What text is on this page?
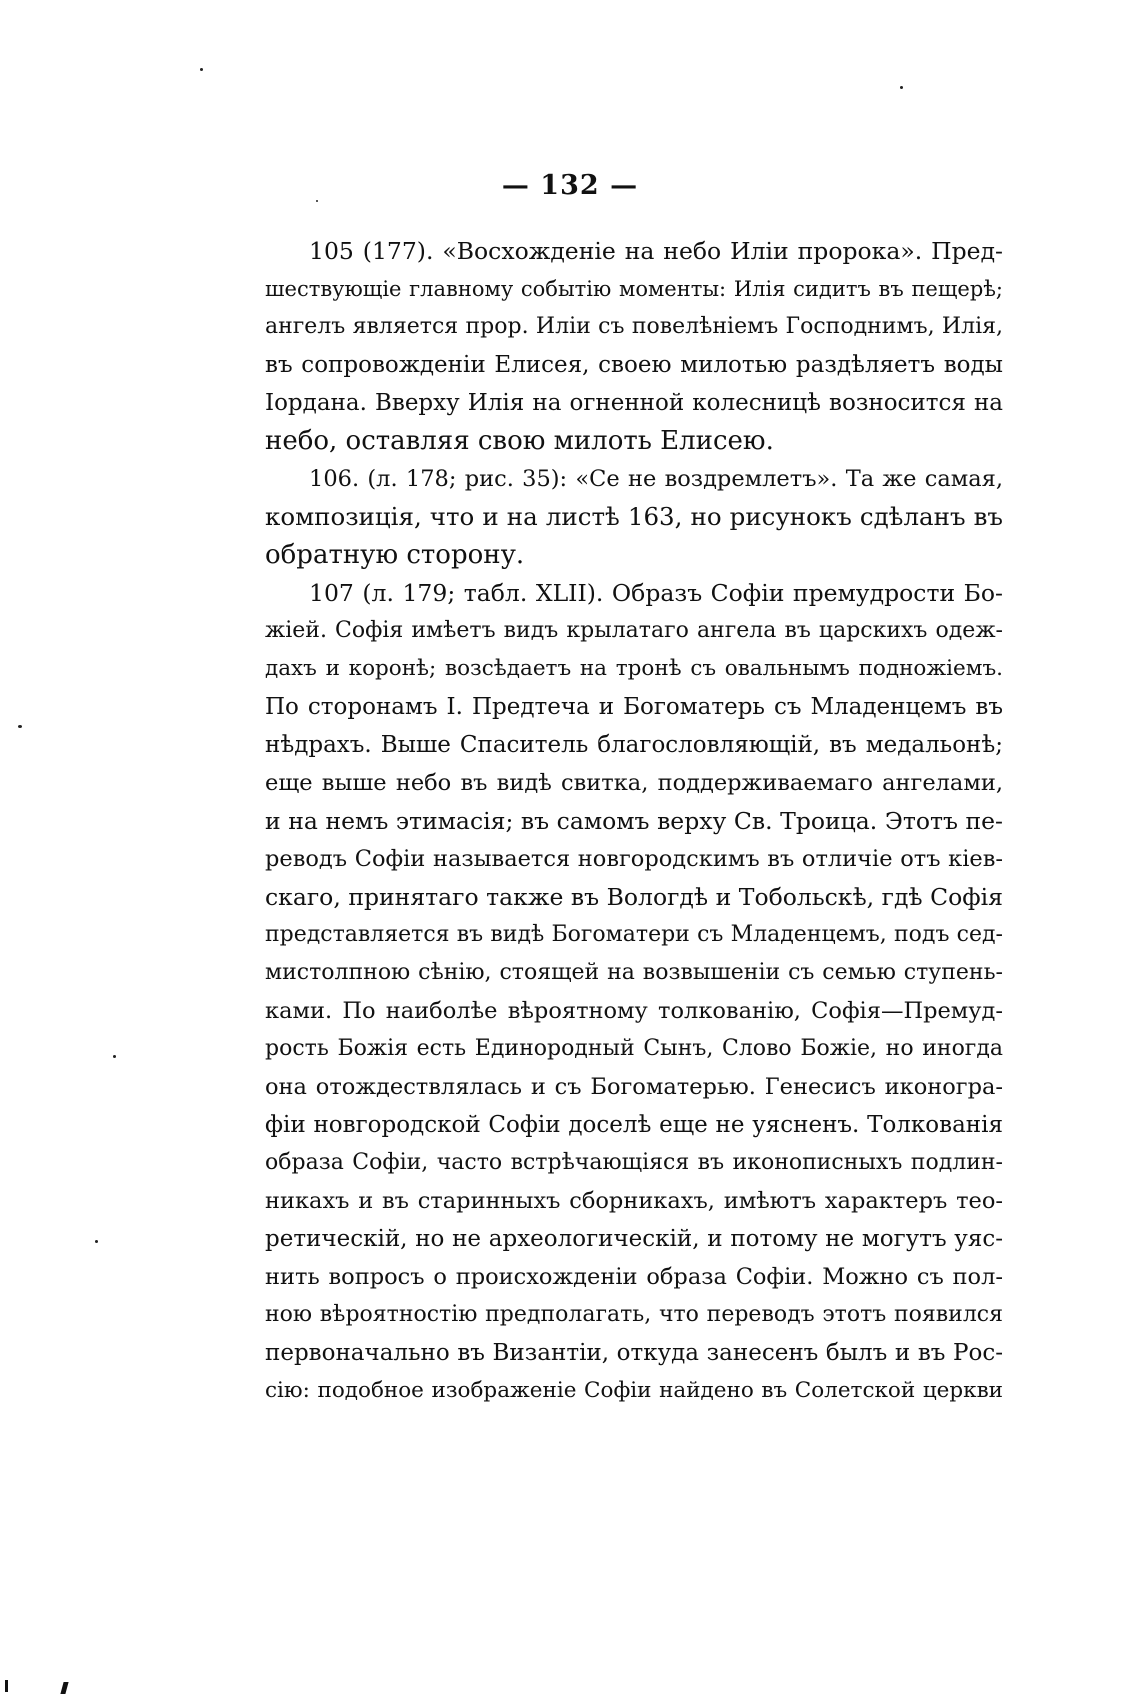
— 132 —
105 (177). «Восхожденіе на небо Иліи пророка». Пред-
шествующіе главному событію моменты: Илія сидитъ въ пещерѣ;
ангелъ является прор. Иліи съ повелѣніемъ Господнимъ, Илія,
въ сопровожденіи Елисея, своею милотью раздѣляетъ воды
Іордана. Вверху Илія на огненной колесницѣ возносится на
небо, оставляя свою милоть Елисею.
106. (л. 178; рис. 35): «Се не воздремлетъ». Та же самая,
композиція, что и на листѣ 163, но рисунокъ сдѣланъ въ
обратную сторону.
107 (л. 179; табл. XLII). Образъ Софіи премудрости Бо-
жіей. Софія имѣетъ видъ крылатаго ангела въ царскихъ одеж-
дахъ и коронѣ; возсѣдаетъ на тронѣ съ овальнымъ подножіемъ.
По сторонамъ І. Предтеча и Богоматерь съ Младенцемъ въ
нѣдрахъ. Выше Спаситель благословляющій, въ медальонѣ;
еще выше небо въ видѣ свитка, поддерживаемаго ангелами,
и на немъ этимасія; въ самомъ верху Св. Троица. Этотъ пе-
реводъ Софіи называется новгородскимъ въ отличіе отъ кіев-
скаго, принятаго также въ Вологдѣ и Тобольскѣ, гдѣ Софія
представляется въ видѣ Богоматери съ Младенцемъ, подъ сед-
мистолпною сѣнію, стоящей на возвышеніи съ семью ступень-
ками. По наиболѣе вѣроятному толкованію, Софія—Премуд-
рость Божія есть Единородный Сынъ, Слово Божіе, но иногда
она отождествлялась и съ Богоматерью. Генесисъ иконогра-
фіи новгородской Софіи доселѣ еще не уясненъ. Толкованія
образа Софіи, часто встрѣчающіяся въ иконописныхъ подлин-
никахъ и въ старинныхъ сборникахъ, имѣютъ характеръ тео-
ретическій, но не археологическій, и потому не могутъ уяс-
нить вопросъ о происхожденіи образа Софіи. Можно съ пол-
ною вѣроятностію предполагать, что переводъ этотъ появился
первоначально въ Византіи, откуда занесенъ былъ и въ Рос-
сію: подобное изображеніе Софіи найдено въ Солетской церкви
